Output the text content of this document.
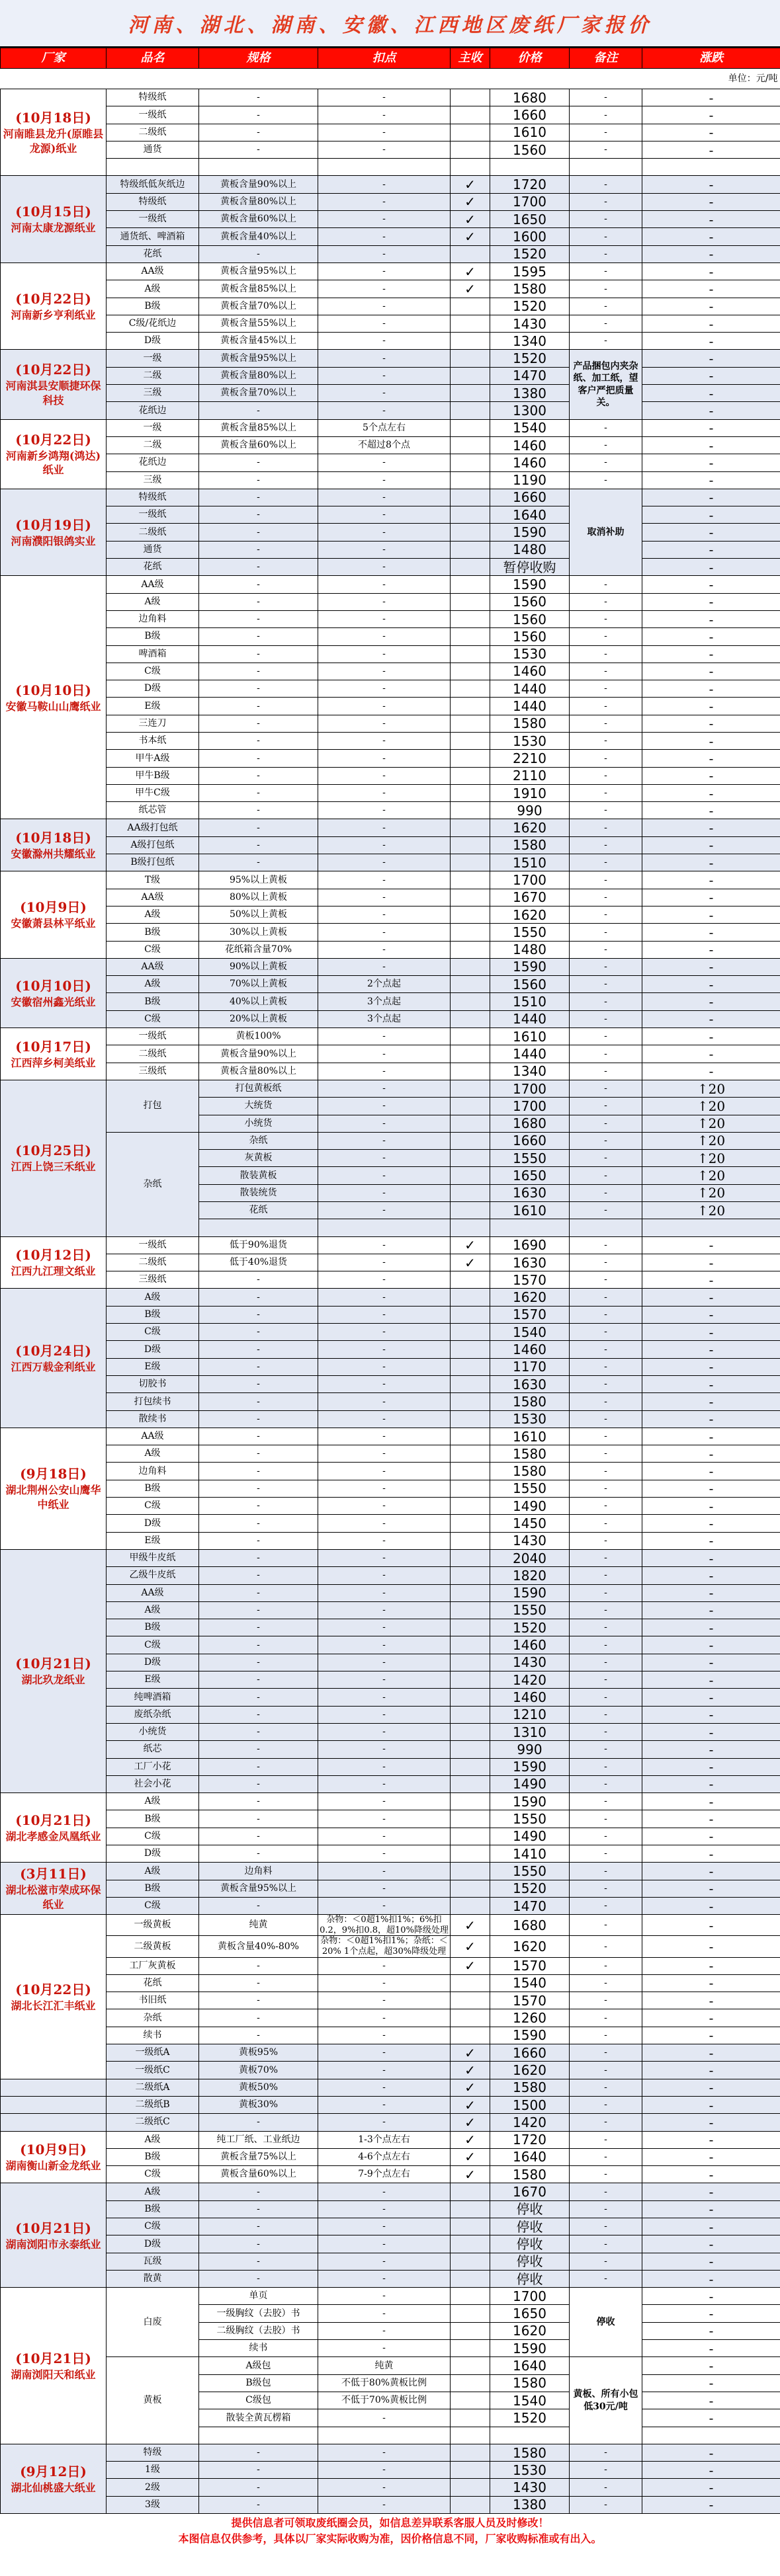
河南、湖北、湖南、安徽、江西地区废纸厂家报价
厂家	品名	规格	扣点	主收	价格	备注	涨跌
单位：元/吨							

(10月18日)
河南睢县龙升(原睢县龙源)纸业	特级纸	-	-		1680	-	-
	一级纸	-	-		1660	-	-
	二级纸	-	-		1610	-	-
	通货	-	-		1560	-	-

(10月15日)
河南太康龙源纸业	特级纸低灰纸边	黄板含量90%以上	-	✓	1720	-	-
	特级纸	黄板含量80%以上	-	✓	1700	-	-
	一级纸	黄板含量60%以上	-	✓	1650	-	-
	通货纸、啤酒箱	黄板含量40%以上	-	✓	1600	-	-
	花纸	-	-		1520	-	-

(10月22日)
河南新乡亨利纸业	AA级	黄板含量95%以上	-	✓	1595	-	-
	A级	黄板含量85%以上	-	✓	1580	-	-
	B级	黄板含量70%以上	-		1520	-	-
	C级/花纸边	黄板含量55%以上	-		1430	-	-
	D级	黄板含量45%以上	-		1340	-	-

(10月22日)
河南淇县安顺捷环保科技	一级	黄板含量95%以上	-		1520	产品捆包内夹杂纸、加工纸，望客户严把质量关。	-
	二级	黄板含量80%以上	-		1470		-
	三级	黄板含量70%以上	-		1380		-
	花纸边	-	-		1300		-

(10月22日)
河南新乡鸿翔(鸿达)纸业	一级	黄板含量85%以上	5个点左右		1540	-	-
	二级	黄板含量60%以上	不超过8个点		1460	-	-
	花纸边	-	-		1460	-	-
	三级	-	-		1190	-	-

(10月19日)
河南濮阳银鸽实业	特级纸	-	-		1660	取消补助	-
	一级纸	-	-		1640		-
	二级纸	-	-		1590		-
	通货	-	-		1480		-
	花纸	-	-		暂停收购		-

(10月10日)
安徽马鞍山山鹰纸业	AA级	-	-		1590	-	-
	A级	-	-		1560	-	-
	边角料	-	-		1560	-	-
	B级	-	-		1560	-	-
	啤酒箱	-	-		1530	-	-
	C级	-	-		1460	-	-
	D级	-	-		1440	-	-
	E级	-	-		1440	-	-
	三连刀	-	-		1580	-	-
	书本纸	-	-		1530	-	-
	甲牛A级	-	-		2210	-	-
	甲牛B级	-	-		2110	-	-
	甲牛C级	-	-		1910	-	-
	纸芯管	-	-		990	-	-

(10月18日)
安徽滁州共耀纸业	AA级打包纸	-	-		1620	-	-
	A级打包纸	-	-		1580	-	-
	B级打包纸	-	-		1510	-	-

(10月9日)
安徽萧县林平纸业	T级	95%以上黄板	-		1700	-	-
	AA级	80%以上黄板	-		1670	-	-
	A级	50%以上黄板	-		1620	-	-
	B级	30%以上黄板	-		1550	-	-
	C级	花纸箱含量70%	-		1480	-	-

(10月10日)
安徽宿州鑫光纸业	AA级	90%以上黄板	-		1590	-	-
	A级	70%以上黄板	2个点起		1560	-	-
	B级	40%以上黄板	3个点起		1510	-	-
	C级	20%以上黄板	3个点起		1440	-	-

(10月17日)
江西萍乡柯美纸业	一级纸	黄板100%	-		1610	-	-
	二级纸	黄板含量90%以上	-		1440	-	-
	三级纸	黄板含量80%以上	-		1340	-	-

(10月25日)
江西上饶三禾纸业	打包	打包黄板纸	-		1700	-	↑20
		大统货	-		1700	-	↑20
		小统货	-		1680	-	↑20
	杂纸	杂纸	-		1660	-	↑20
		灰黄板	-		1550	-	↑20
		散装黄板	-		1650	-	↑20
		散装统货	-		1630	-	↑20
		花纸	-		1610	-	↑20

(10月12日)
江西九江理文纸业	一级纸	低于90%退货	-	✓	1690	-	-
	二级纸	低于40%退货	-	✓	1630	-	-
	三级纸	-	-		1570	-	-

(10月24日)
江西万载金利纸业	A级	-	-		1620	-	-
	B级	-	-		1570	-	-
	C级	-	-		1540	-	-
	D级	-	-		1460	-	-
	E级	-	-		1170	-	-
	切胶书	-	-		1630	-	-
	打包续书	-	-		1580	-	-
	散续书	-	-		1530	-	-

(9月18日)
湖北荆州公安山鹰华中纸业	AA级	-	-		1610	-	-
	A级	-	-		1580	-	-
	边角料	-	-		1580	-	-
	B级	-	-		1550	-	-
	C级	-	-		1490	-	-
	D级	-	-		1450	-	-
	E级	-	-		1430	-	-

(10月21日)
湖北玖龙纸业	甲级牛皮纸	-	-		2040	-	-
	乙级牛皮纸	-	-		1820	-	-
	AA级	-	-		1590	-	-
	A级	-	-		1550	-	-
	B级	-	-		1520	-	-
	C级	-	-		1460	-	-
	D级	-	-		1430	-	-
	E级	-	-		1420	-	-
	纯啤酒箱	-	-		1460	-	-
	废纸杂纸	-	-		1210	-	-
	小统货	-	-		1310	-	-
	纸芯	-	-		990	-	-
	工厂小花	-	-		1590	-	-
	社会小花	-	-		1490	-	-

(10月21日)
湖北孝感金凤凰纸业	A级	-	-		1590	-	-
	B级	-	-		1550	-	-
	C级	-	-		1490	-	-
	D级	-	-		1410	-	-

(3月11日)
湖北松滋市荣成环保纸业	A级	边角料	-		1550	-	-
	B级	黄板含量95%以上	-		1520	-	-
	C级	-	-		1470	-	-

(10月22日)
湖北长江汇丰纸业	一级黄板	纯黄	杂物：＜0超1%扣1%；6%扣0.2，9%扣0.8，超10%降级处理	✓	1680	-	-
	二级黄板	黄板含量40%-80%	杂物：＜0超1%扣1%；杂纸：＜20% 1个点起，超30%降级处理	✓	1620	-	-
	工厂灰黄板	-	-	✓	1570	-	-
	花纸	-	-		1540	-	-
	书旧纸	-	-		1570	-	-
	杂纸	-	-		1260	-	-
	续书	-	-		1590	-	-
	一级纸A	黄板95%	-	✓	1660	-	-
	一级纸C	黄板70%	-	✓	1620	-	-

	二级纸A	黄板50%	-	✓	1580	-	-

	二级纸B	黄板30%	-	✓	1500	-	-

	二级纸C	-	-	✓	1420	-	-

(10月9日)
湖南衡山新金龙纸业	A级	纯工厂纸、工业纸边	1-3个点左右	✓	1720	-	-
	B级	黄板含量75%以上	4-6个点左右	✓	1640	-	-
	C级	黄板含量60%以上	7-9个点左右	✓	1580	-	-

(10月21日)
湖南浏阳市永泰纸业	A级	-	-		1670	-	-
	B级	-	-		停收	-	-
	C级	-	-		停收	-	-
	D级	-	-		停收	-	-
	瓦级	-	-		停收	-	-
	散黄	-	-		停收	-	-

(10月21日)
湖南浏阳天和纸业	白废	单页	-		1700	停收	-
		一级胸纹（去胶）书	-		1650		-
		二级胸纹（去胶）书	-		1620		-
		续书	-		1590		-
	黄板	A级包	纯黄		1640	黄板、所有小包低30元/吨	-
		B级包	不低于80%黄板比例		1580		-
		C级包	不低于70%黄板比例		1540		-
		散装全黄瓦楞箱	-		1520		-

(9月12日)
湖北仙桃盛大纸业	特级	-	-		1580	-	-
	1级	-	-		1530	-	-
	2级	-	-		1430	-	-
	3级	-	-		1380	-	-
提供信息者可领取废纸圈会员，如信息差异联系客服人员及时修改！
本图信息仅供参考，具体以厂家实际收购为准，因价格信息不同，厂家收购标准或有出入。
